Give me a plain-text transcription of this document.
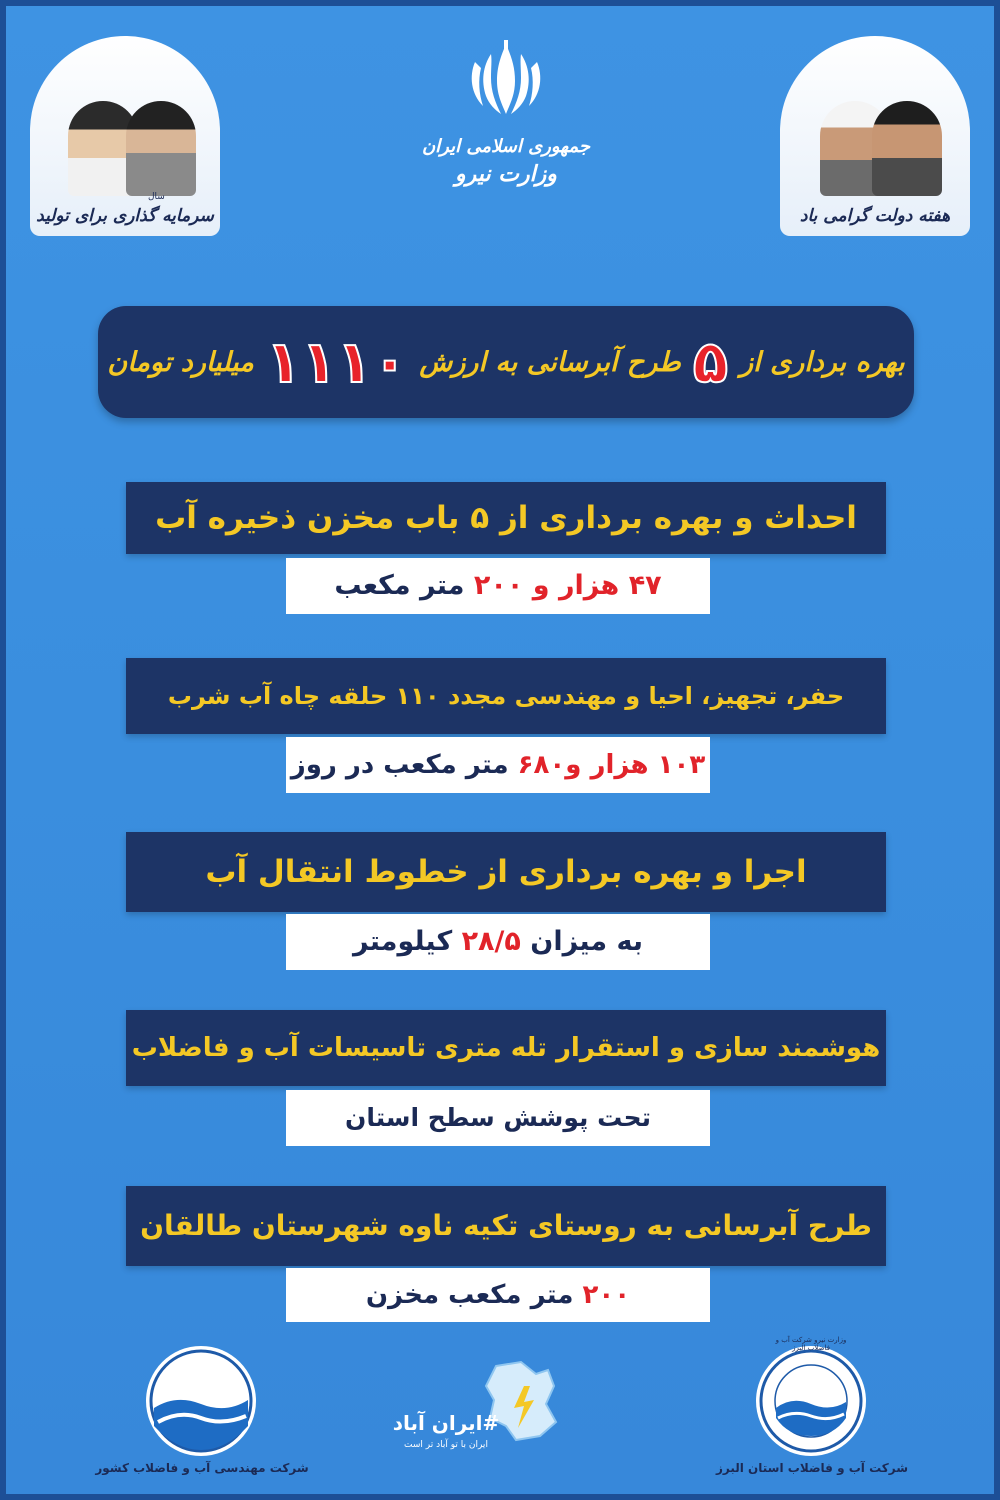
سرمایه گذاری برای تولید
سال
هفته دولت گرامی باد
جمهوری اسلامی ایران
وزارت نیرو
بهره برداری از
۵
طرح آبرسانی به ارزش
۱۱۱۰
میلیارد تومان
احداث و بهره برداری از ۵ باب مخزن ذخیره آب
۴۷ هزار و ۲۰۰ متر مکعب
حفر، تجهیز، احیا و مهندسی مجدد ۱۱۰ حلقه چاه آب شرب
۱۰۳ هزار و۶۸۰ متر مکعب در روز
اجرا و بهره برداری از خطوط انتقال آب
به میزان ۲۸/۵ کیلومتر
هوشمند سازی و استقرار تله متری تاسیسات آب و فاضلاب
تحت پوشش سطح استان
طرح آبرسانی به روستای تکیه ناوه شهرستان طالقان
۲۰۰ متر مکعب مخزن
شرکت مهندسی آب و فاضلاب کشور
#ایران آباد
ایران با تو آباد تر است
وزارت نیرو شرکت آب و فاضلاب البرز
شرکت آب و فاضلاب استان البرز
